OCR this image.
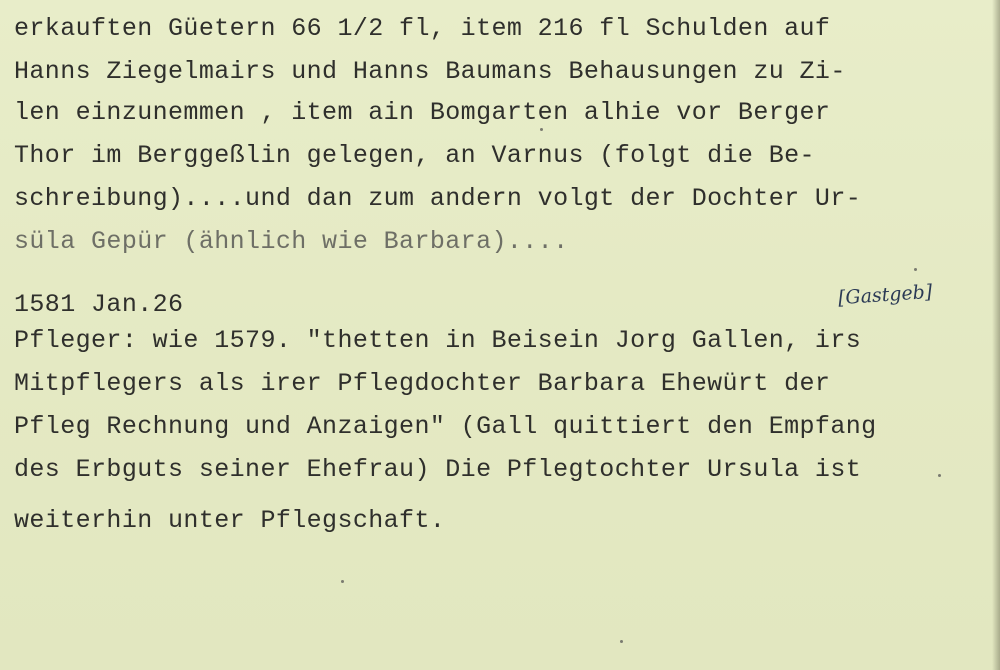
erkauften Güetern 66 1/2 fl, item 216 fl Schulden auf
Hanns Ziegelmairs und Hanns Baumans Behausungen zu Zi-
len einzunemmen , item ain Bomgarten alhie vor Berger
Thor im Berggeßlin gelegen, an Varnus (folgt die Be-
schreibung)....und dan zum andern volgt der Dochter Ur-
süla Gepür (ähnlich wie Barbara)....
1581 Jan.26	[Gastgeb]
Pfleger: wie 1579. "thetten in Beisein Jorg Gallen, irs
Mitpflegers als irer Pflegdochter Barbara Ehewürt der
Pfleg Rechnung und Anzaigen" (Gall quittiert den Empfang
des Erbguts seiner Ehefrau) Die Pflegtochter Ursula ist
weiterhin unter Pflegschaft.
